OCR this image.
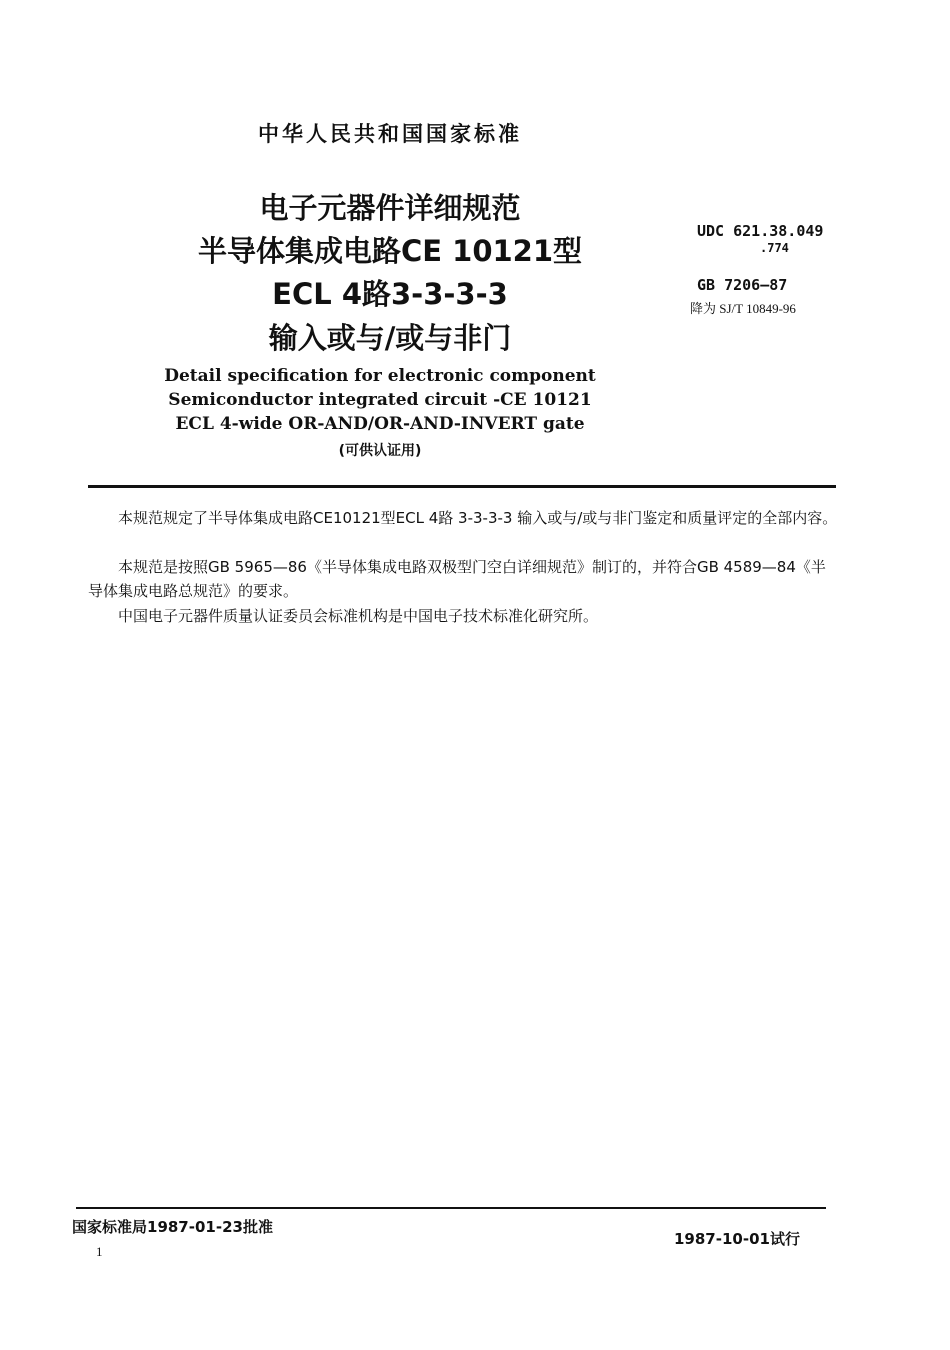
中华人民共和国国家标准
电子元器件详细规范
半导体集成电路CE 10121型
ECL 4路3-3-3-3
输入或与/或与非门
Detail specification for electronic component
Semiconductor integrated circuit -CE 10121
ECL 4-wide OR-AND/OR-AND-INVERT gate
(可供认证用)
UDC 621.38.049
.774
GB 7206—87
降为 SJ/T 10849-96
  本规范规定了半导体集成电路CE10121型ECL 4路 3-3-3-3 输入或与/或与非门鉴定和质量评定的全部内容。
  本规范是按照GB 5965—86《半导体集成电路双极型门空白详细规范》制订的，并符合GB 4589—84《半导体集成电路总规范》的要求。
  中国电子元器件质量认证委员会标准机构是中国电子技术标准化研究所。
国家标准局1987-01-23批准
1987-10-01试行
1
